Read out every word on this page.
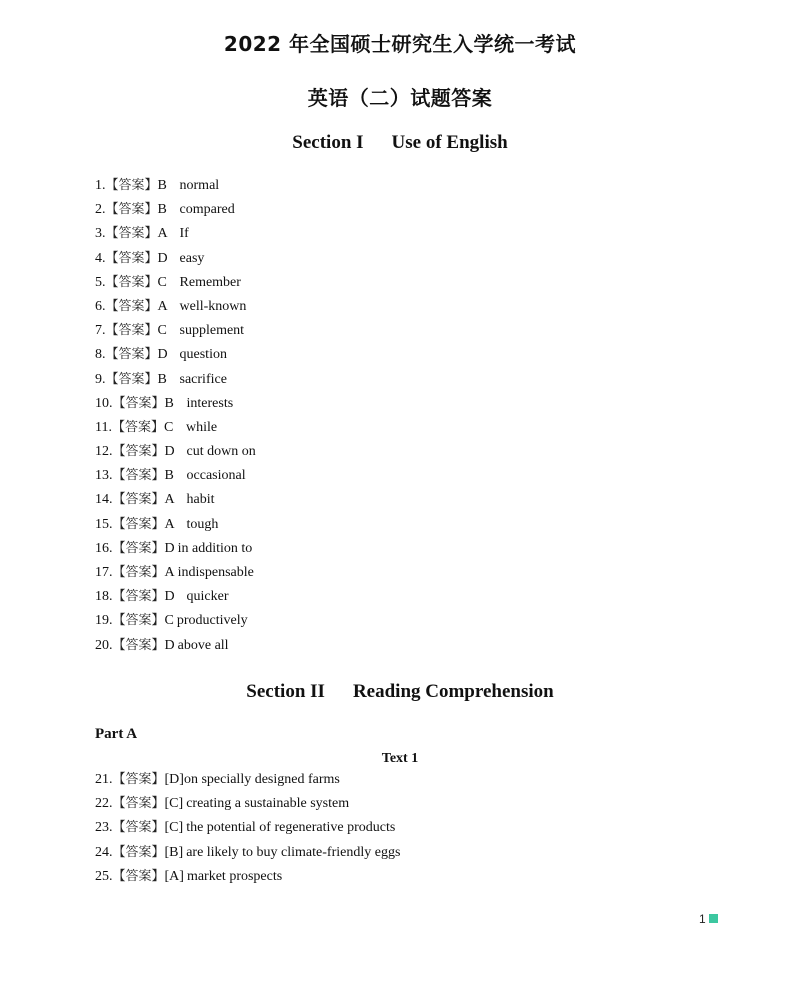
2022 年全国硕士研究生入学统一考试
英语（二）试题答案
Section I Use of English
1.【答案】B normal
2.【答案】B compared
3.【答案】A If
4.【答案】D easy
5.【答案】C Remember
6.【答案】A well-known
7.【答案】C supplement
8.【答案】D question
9.【答案】B sacrifice
10.【答案】B interests
11.【答案】C while
12.【答案】D cut down on
13.【答案】B occasional
14.【答案】A habit
15.【答案】A tough
16.【答案】D in addition to
17.【答案】A indispensable
18.【答案】D quicker
19.【答案】C productively
20.【答案】D above all
Section II Reading Comprehension
Part A
Text 1
21.【答案】[D]on specially designed farms
22.【答案】[C] creating a sustainable system
23.【答案】[C] the potential of regenerative products
24.【答案】[B] are likely to buy climate-friendly eggs
25.【答案】[A] market prospects
1
